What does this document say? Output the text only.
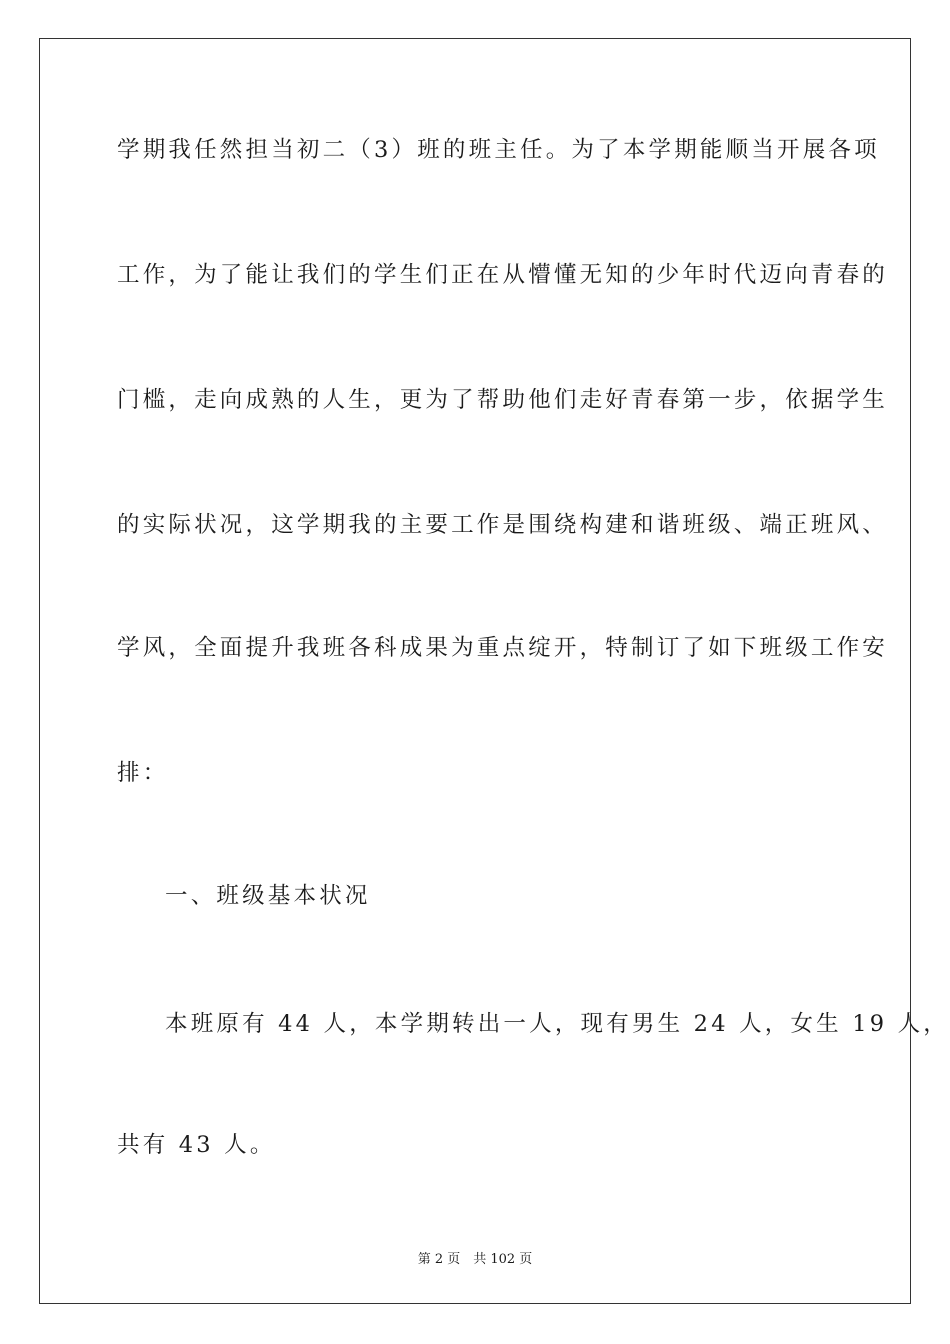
学期我任然担当初二（3）班的班主任。为了本学期能顺当开展各项
工作，为了能让我们的学生们正在从懵懂无知的少年时代迈向青春的
门槛，走向成熟的人生，更为了帮助他们走好青春第一步，依据学生
的实际状况，这学期我的主要工作是围绕构建和谐班级、端正班风、
学风，全面提升我班各科成果为重点绽开，特制订了如下班级工作安
排：
一、班级基本状况
本班原有 44 人，本学期转出一人，现有男生 24 人，女生 19 人，
共有 43 人。
第 2 页　共 102 页
